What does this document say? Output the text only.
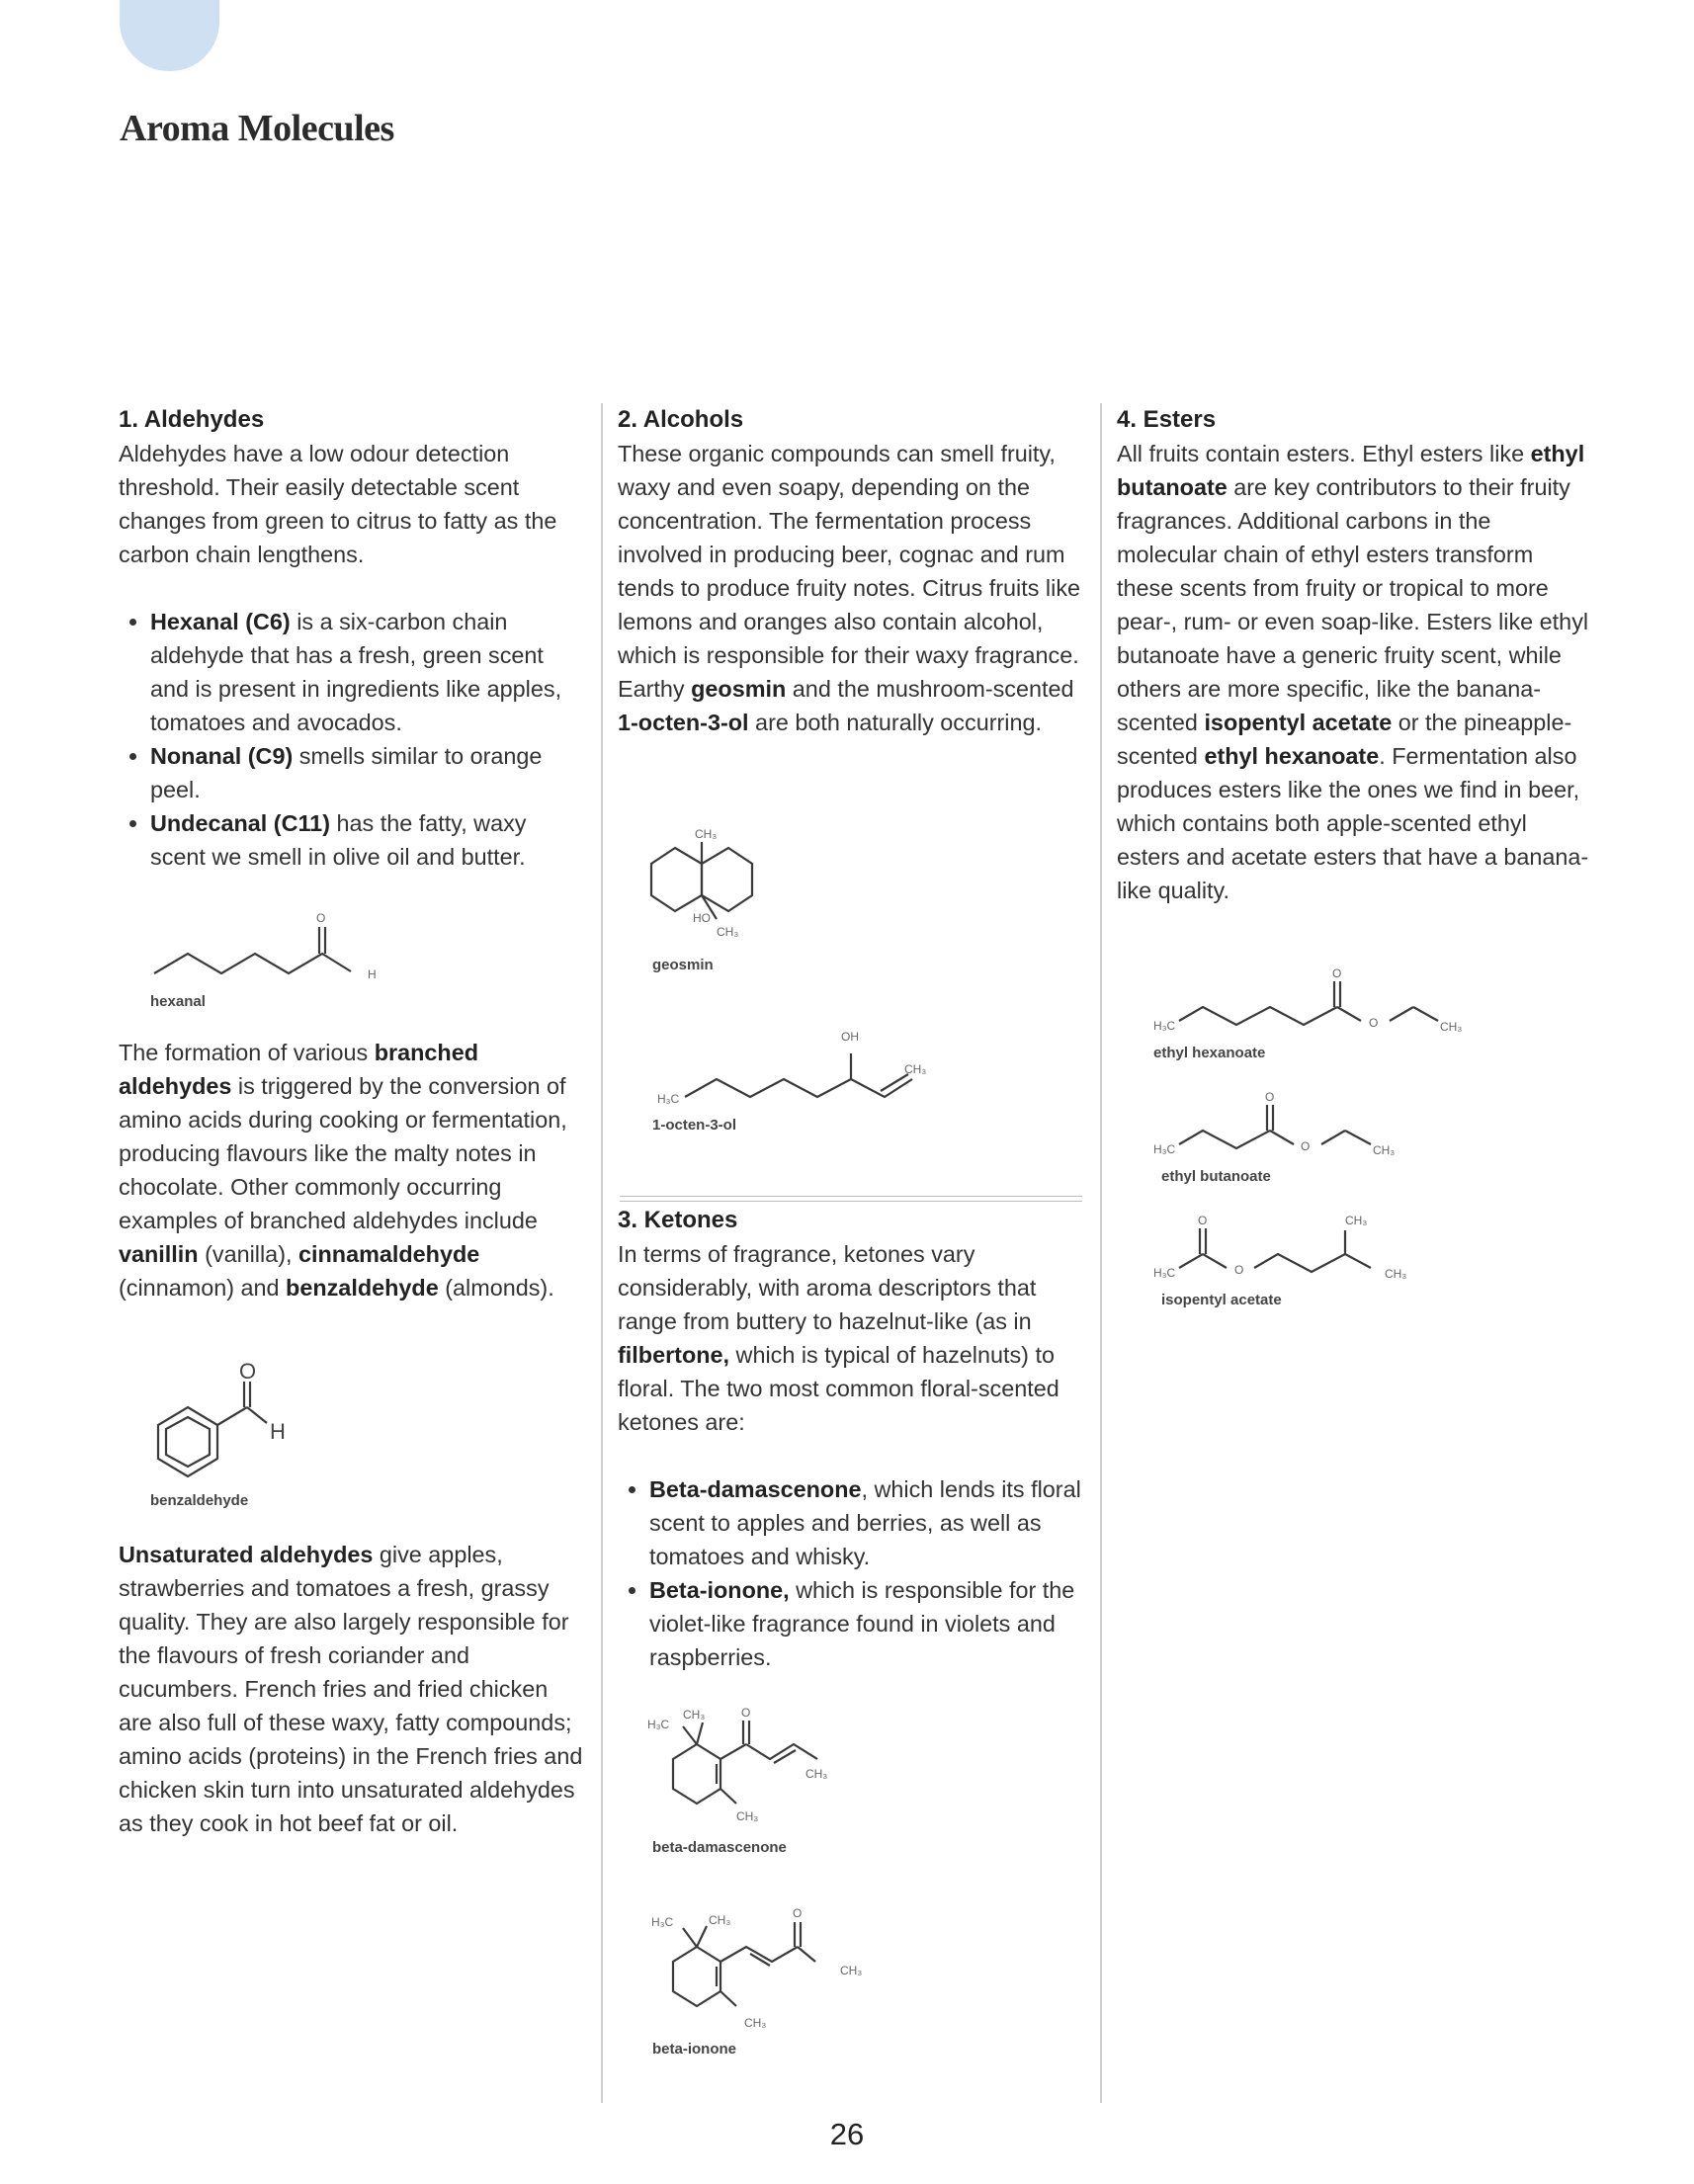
Aroma Molecules
1. Aldehydes

Aldehydes have a low odour detection threshold. Their easily detectable scent changes from green to citrus to fatty as the carbon chain lengthens.

• Hexanal (C6) is a six-carbon chain aldehyde that has a fresh, green scent and is present in ingredients like apples, tomatoes and avocados.
• Nonanal (C9) smells similar to orange peel.
• Undecanal (C11) has the fatty, waxy scent we smell in olive oil and butter.

The formation of various branched aldehydes is triggered by the conversion of amino acids during cooking or fermentation, producing flavours like the malty notes in chocolate. Other commonly occurring examples of branched aldehydes include vanillin (vanilla), cinnamaldehyde (cinnamon) and benzaldehyde (almonds).

Unsaturated aldehydes give apples, strawberries and tomatoes a fresh, grassy quality. They are also largely responsible for the flavours of fresh coriander and cucumbers. French fries and fried chicken are also full of these waxy, fatty compounds; amino acids (proteins) in the French fries and chicken skin turn into unsaturated aldehydes as they cook in hot beef fat or oil.

O
H
hexanal
O
H
benzaldehyde
2. Alcohols

These organic compounds can smell fruity, waxy and even soapy, depending on the concentration. The fermentation process involved in producing beer, cognac and rum tends to produce fruity notes. Citrus fruits like lemons and oranges also contain alcohol, which is responsible for their waxy fragrance. Earthy geosmin and the mushroom-scented 1-octen-3-ol are both naturally occurring.

CH₃
HO
CH₃
geosmin
H₃C
OH
CH₃
1-octen-3-ol
3. Ketones

In terms of fragrance, ketones vary considerably, with aroma descriptors that range from buttery to hazelnut-like (as in filbertone, which is typical of hazelnuts) to floral. The two most common floral-scented ketones are:

• Beta-damascenone, which lends its floral scent to apples and berries, as well as tomatoes and whisky.
• Beta-ionone, which is responsible for the violet-like fragrance found in violets and raspberries.
H₃C
CH₃	O
CH₃
CH₃
beta-damascenone
H₃C	CH₃	O
CH₃
CH₃
beta-ionone
4. Esters

All fruits contain esters. Ethyl esters like ethyl butanoate are key contributors to their fruity fragrances. Additional carbons in the molecular chain of ethyl esters transform these scents from fruity or tropical to more pear-, rum- or even soap-like. Esters like ethyl butanoate have a generic fruity scent, while others are more specific, like the banana-scented isopentyl acetate or the pineapple-scented ethyl hexanoate. Fermentation also produces esters like the ones we find in beer, which contains both apple-scented ethyl esters and acetate esters that have a banana-like quality.

H₃C
O
O	CH₃
ethyl hexanoate
H₃C
O
O	CH₃
ethyl butanoate
H₃C
O
O
CH₃
CH₃
isopentyl acetate
26
